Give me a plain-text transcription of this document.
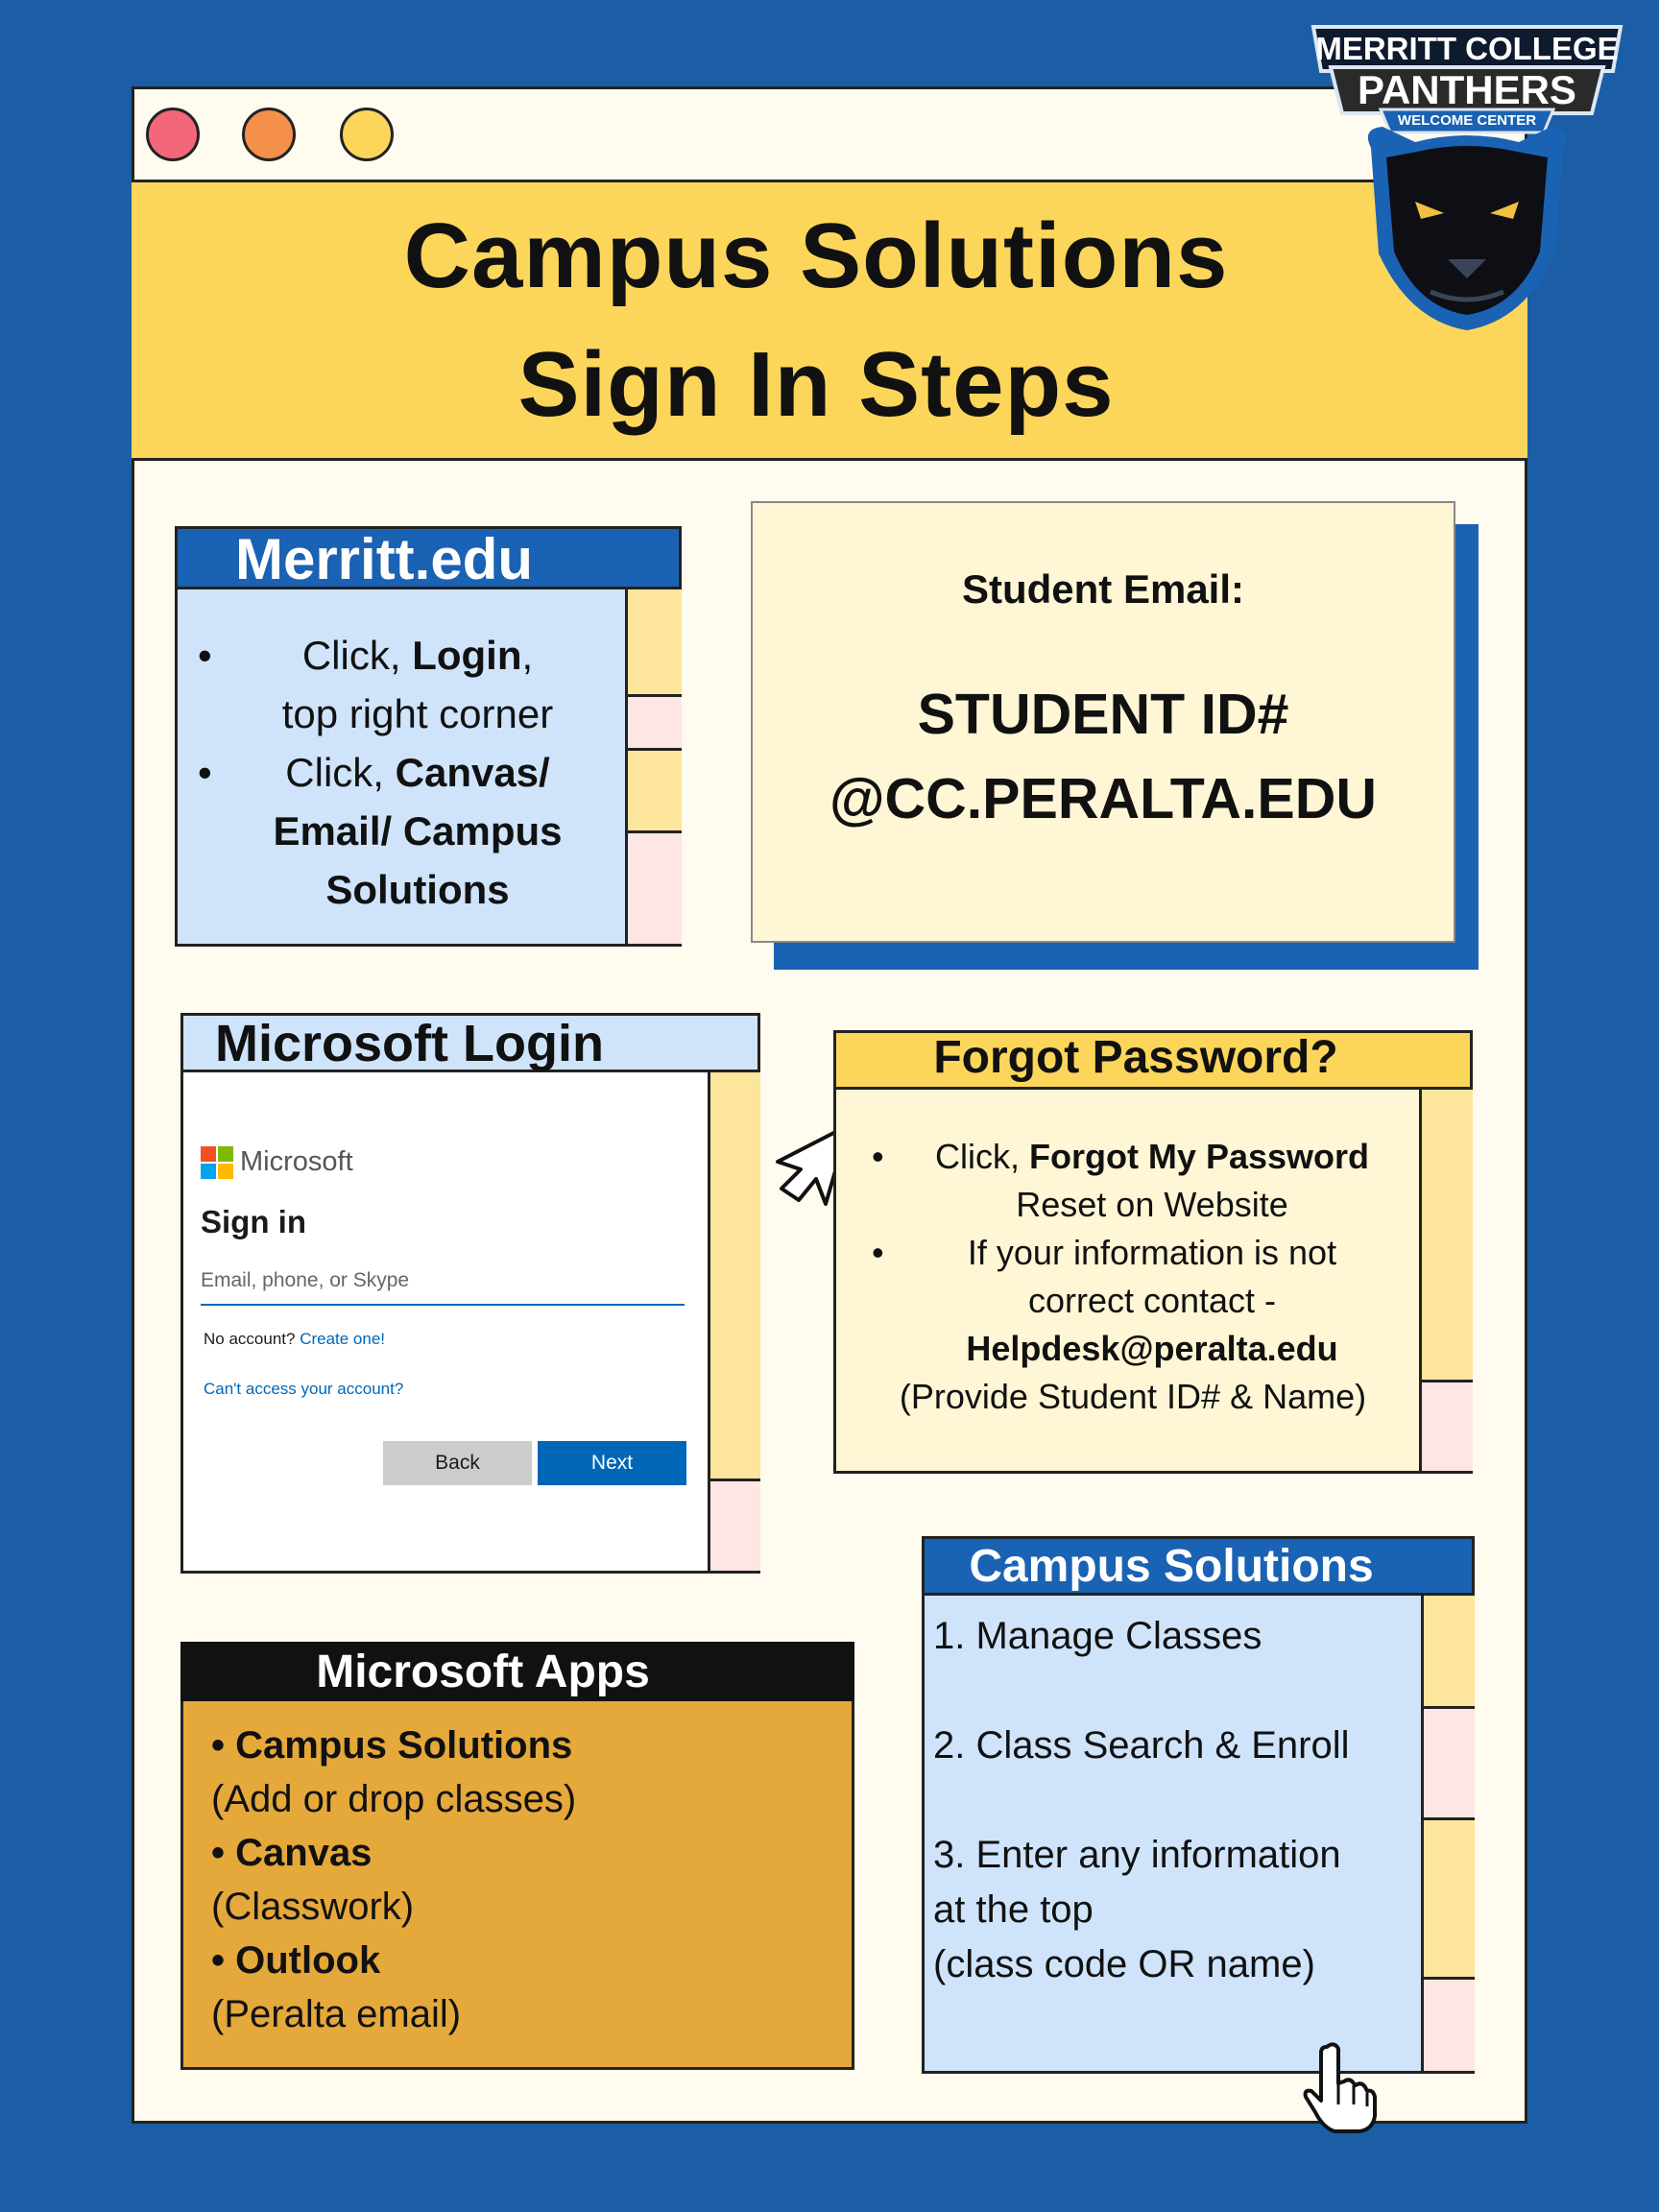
Campus Solutions
Sign In Steps
MERRITT COLLEGE
PANTHERS
WELCOME CENTER
Merritt.edu
• Click, Login,
top right corner
• Click, Canvas/
Email/ Campus
Solutions
Student Email:
STUDENT ID#
@CC.PERALTA.EDU
Microsoft Login
Microsoft
Sign in
Email, phone, or Skype
No account? Create one!
Can't access your account?
Back	Next
Forgot Password?
• Click, Forgot My Password
Reset on Website
• If your information is not
correct contact -
Helpdesk@peralta.edu
(Provide Student ID# & Name)
Microsoft Apps
• Campus Solutions
(Add or drop classes)
• Canvas
(Classwork)
• Outlook
(Peralta email)
Campus Solutions
1. Manage Classes
2. Class Search & Enroll
3. Enter any information
at the top
(class code OR name)
